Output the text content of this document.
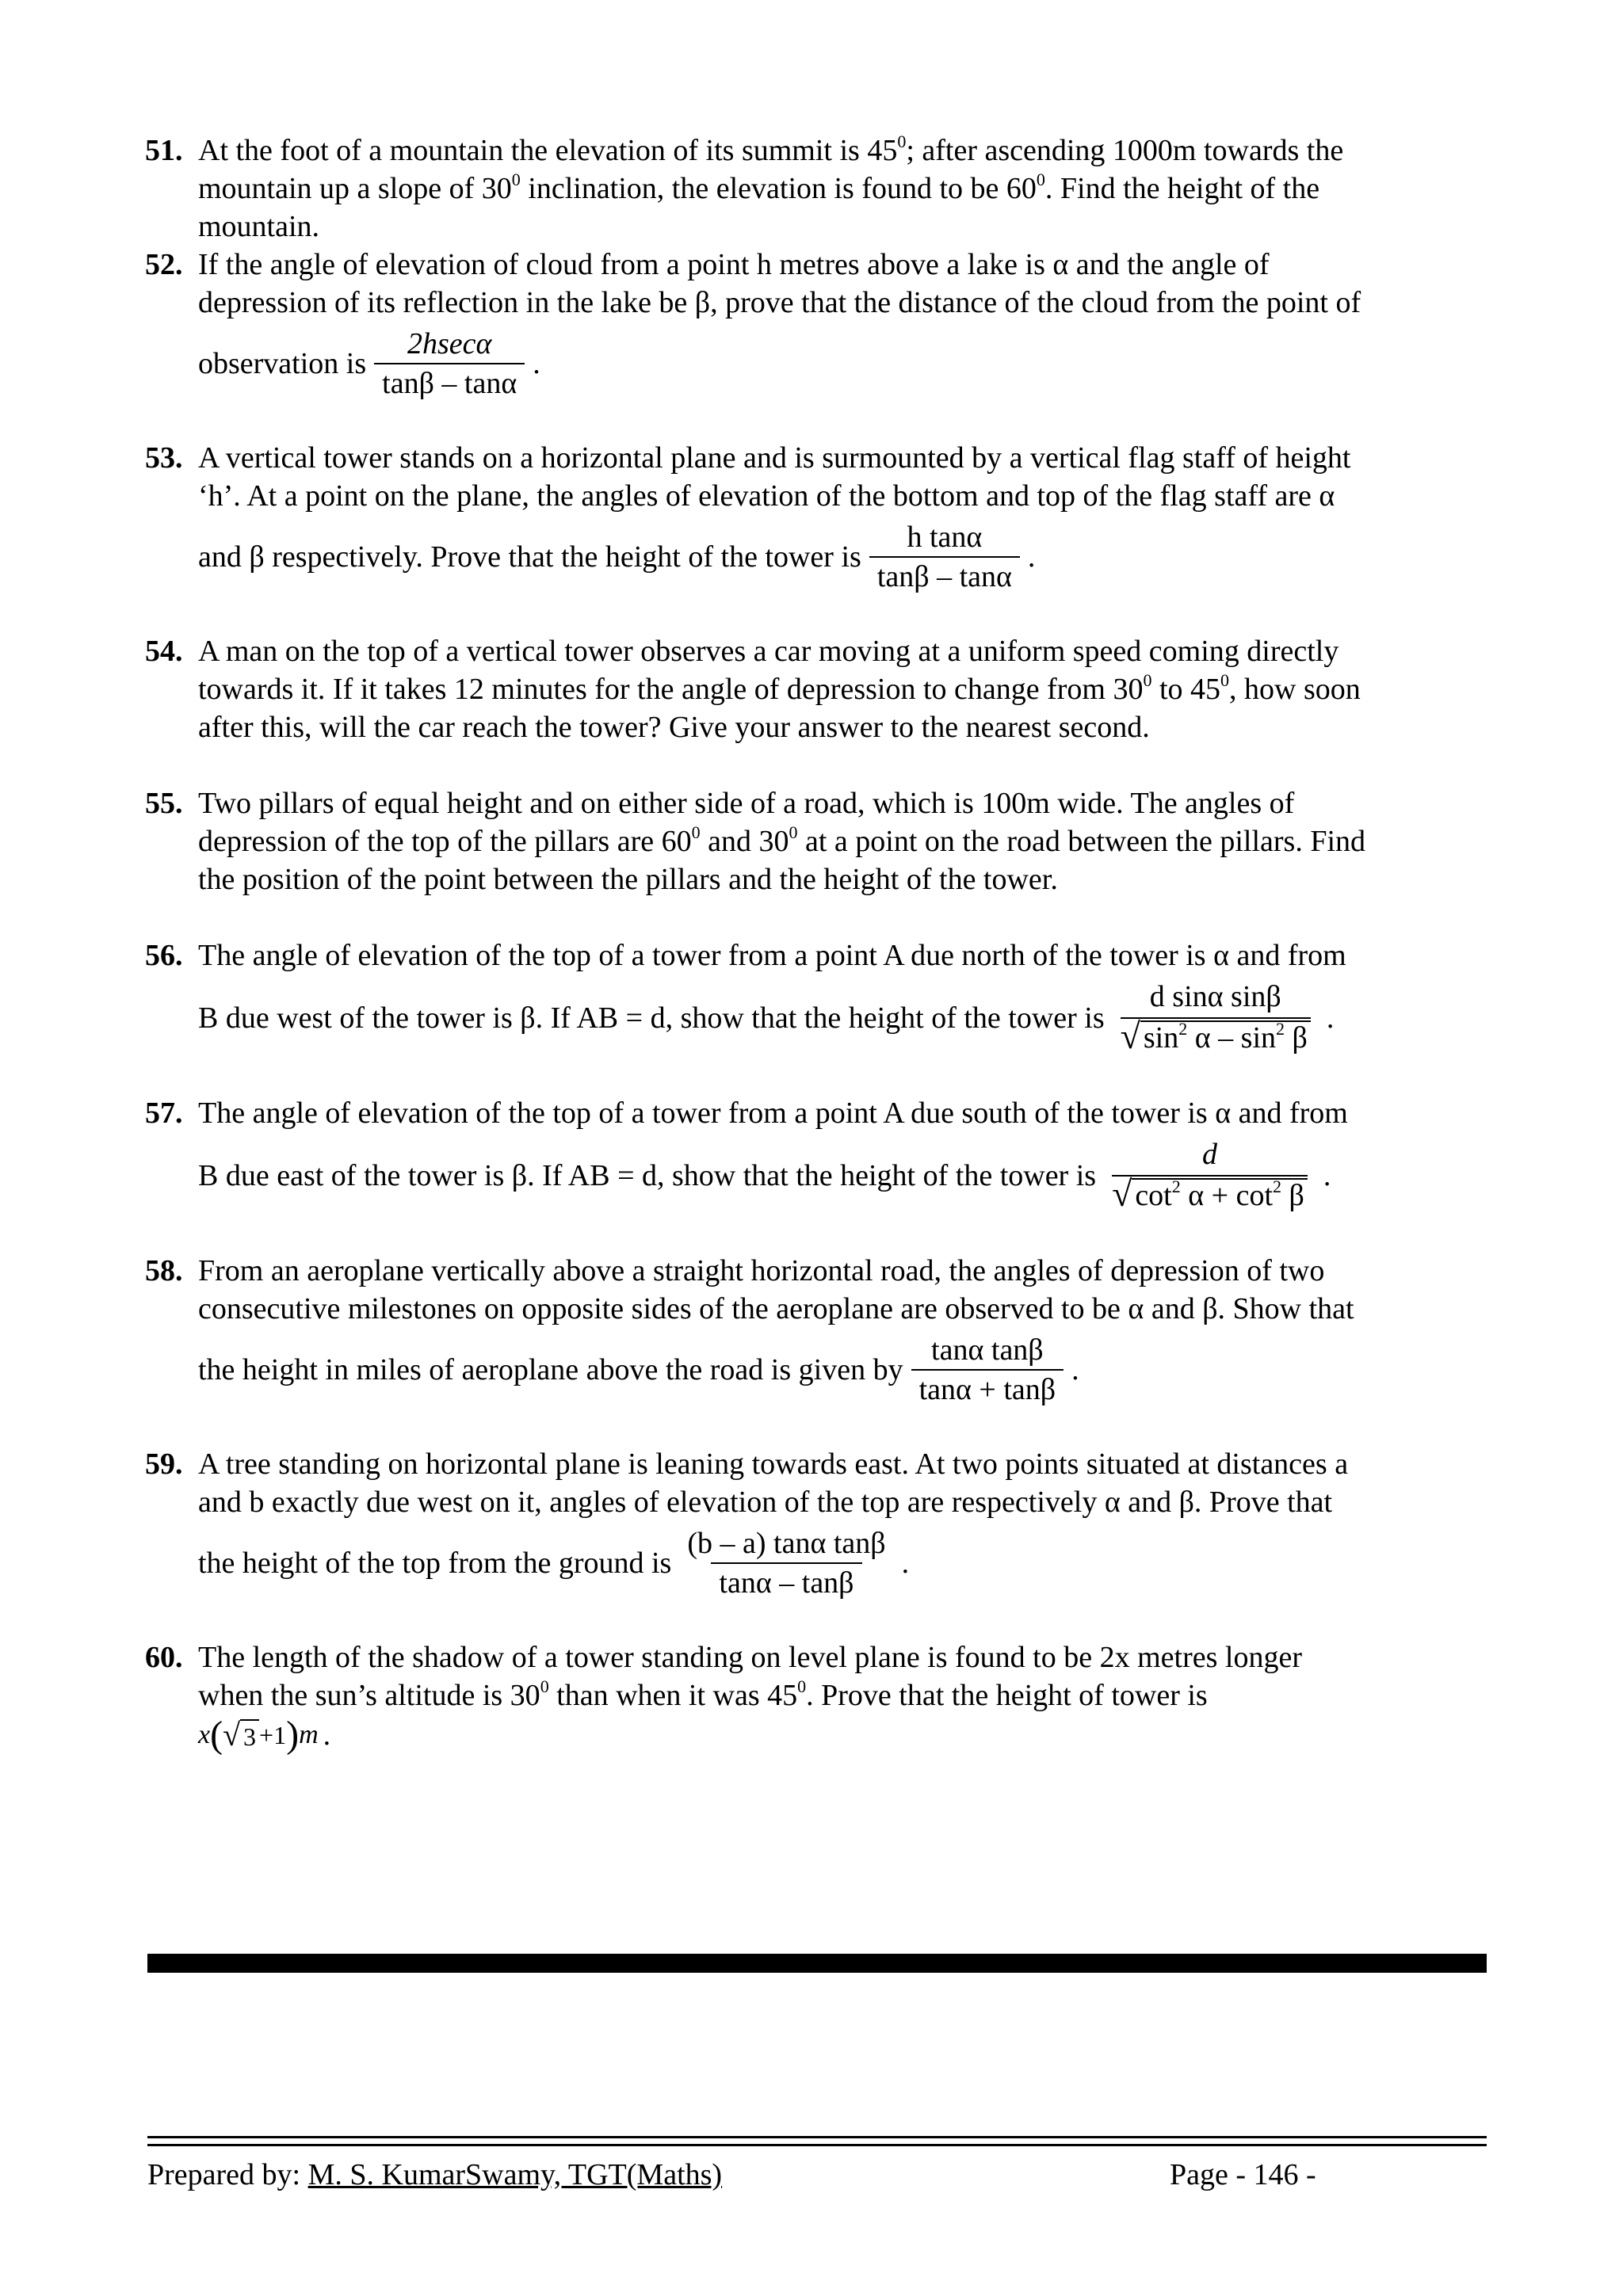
51. At the foot of a mountain the elevation of its summit is $45^0$; after ascending 1000m towards the
mountain up a slope of $30^0$ inclination, the elevation is found to be $60^0$. Find the height of the
mountain.
52. If the angle of elevation of cloud from a point h metres above a lake is α and the angle of
depression of its reflection in the lake be β, prove that the distance of the cloud from the point of
observation is $\frac{2hsec\alpha}{\tan\beta - \tan\alpha}$ .
53. A vertical tower stands on a horizontal plane and is surmounted by a vertical flag staff of height
‘h’. At a point on the plane, the angles of elevation of the bottom and top of the flag staff are α
and β respectively. Prove that the height of the tower is $\frac{\text{h tanα}}{\tan\beta - \tan\alpha}$ .
54. A man on the top of a vertical tower observes a car moving at a uniform speed coming directly
towards it. If it takes 12 minutes for the angle of depression to change from $30^0$ to $45^0$, how soon
after this, will the car reach the tower? Give your answer to the nearest second.
55. Two pillars of equal height and on either side of a road, which is 100m wide. The angles of
depression of the top of the pillars are $60^0$ and $30^0$ at a point on the road between the pillars. Find
the position of the point between the pillars and the height of the tower.
56. The angle of elevation of the top of a tower from a point A due north of the tower is α and from
B due west of the tower is β. If AB = d, show that the height of the tower is
d sinα sinβ
√ $\sin^2 \alpha - \sin^2 \beta$
.
57. The angle of elevation of the top of a tower from a point A due south of the tower is α and from
B due east of the tower is β. If AB = d, show that the height of the tower is
d
√ $\cot^2 \alpha + \cot^2 \beta$
.
58. From an aeroplane vertically above a straight horizontal road, the angles of depression of two
consecutive milestones on opposite sides of the aeroplane are observed to be α and β. Show that
the height in miles of aeroplane above the road is given by $\frac{\text{tanα tanβ}}{\tan\alpha + \tan\beta}$ .
59. A tree standing on horizontal plane is leaning towards east. At two points situated at distances a
and b exactly due west on it, angles of elevation of the top are respectively α and β. Prove that
the height of the top from the ground is $\frac{\text{(b – a) tanα tanβ}}{\tan\alpha - \tan\beta}$ .
60. The length of the shadow of a tower standing on level plane is found to be 2x metres longer
when the sun’s altitude is $30^0$ than when it was $45^0$. Prove that the height of tower is
x ( √ 3 +1 ) m .
Prepared by: M. S. KumarSwamy, TGT(Maths)	Page - 146 -
